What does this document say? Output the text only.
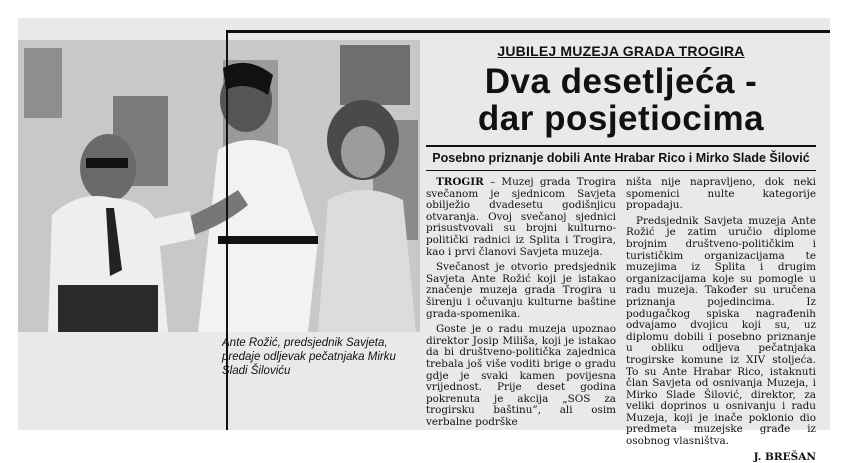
Ante Rožić, predsjednik Savjeta, predaje odljevak pečatnjaka Mirku Sladi Šiloviću

JUBILEJ MUZEJA GRADA TROGIRA

Dva desetljeća -
dar posjetiocima

Posebno priznanje dobili Ante Hrabar Rico i Mirko Slade Šilović

TROGIR – Muzej grada Trogira svečanom je sjednicom Savjeta obilježio dvadesetu godišnjicu otvaranja. Ovoj svečanoj sjednici prisustvovali su brojni kulturno-politički radnici iz Splita i Trogira, kao i prvi članovi Savjeta muzeja.

Svečanost je otvorio predsjednik Savjeta Ante Rožić koji je istakao značenje muzeja grada Trogira u širenju i očuvanju kulturne baštine grada-spomenika.

Goste je o radu muzeja upoznao direktor Josip Miliša, koji je istakao da bi društveno-politička zajednica trebala još više voditi brige o gradu gdje je svaki kamen povijesna vrijednost. Prije deset godina pokrenuta je akcija „SOS za trogirsku baštinu”, ali osim verbalne podrške

ništa nije napravljeno, dok neki spomenici nulte kategorije propadaju.

Predsjednik Savjeta muzeja Ante Rožić je zatim uručio diplome brojnim društveno-političkim i turističkim organizacijama te muzejima iz Splita i drugim organizacijama koje su pomogle u radu muzeja. Također su uručena priznanja pojedincima. Iz podugačkog spiska nagrađenih odvajamo dvojicu koji su, uz diplomu dobili i posebno priznanje u obliku odljeva pečatnjaka trogirske komune iz XIV stoljeća. To su Ante Hrabar Rico, istaknuti član Savjeta od osnivanja Muzeja, i Mirko Slade Šilović, direktor, za veliki doprinos u osnivanju i radu Muzeja, koji je inače poklonio dio predmeta muzejske građe iz osobnog vlasništva.

J. BREŠAN
